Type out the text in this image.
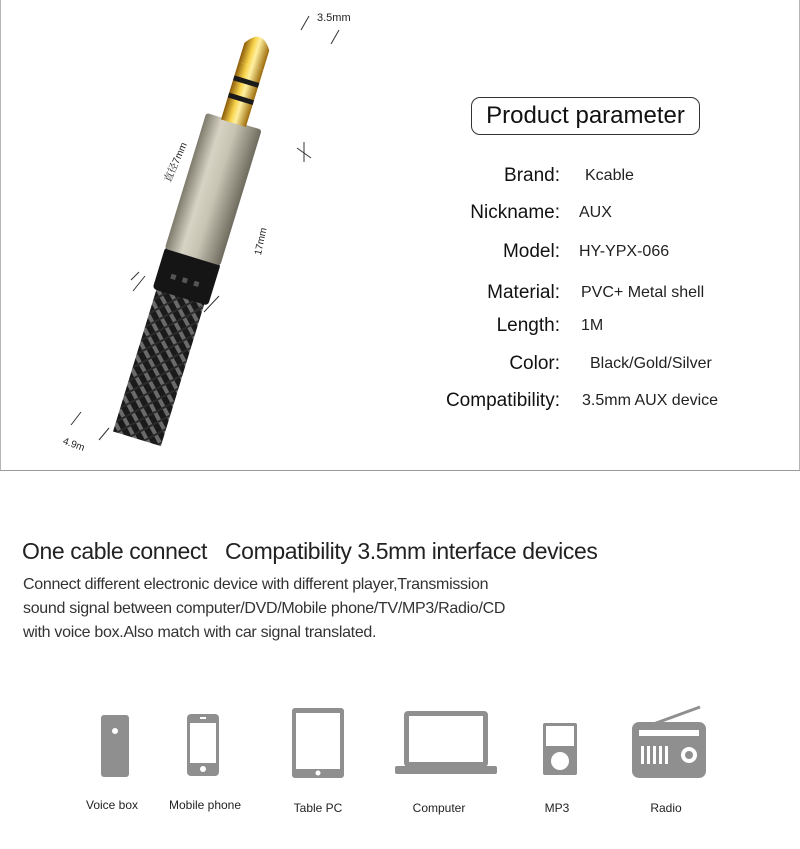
3.5mm
直径7mm
17mm
4.9m
Product parameter
Brand: Kcable
Nickname: AUX
Model: HY-YPX-066
Material: PVC+ Metal shell
Length: 1M
Color: Black/Gold/Silver
Compatibility: 3.5mm AUX device
One cable connect   Compatibility 3.5mm interface devices
Connect different electronic device with different player,Transmission
sound signal between computer/DVD/Mobile phone/TV/MP3/Radio/CD
with voice box.Also match with car signal translated.
Voice box	Mobile phone	Table PC	Computer	MP3	Radio
